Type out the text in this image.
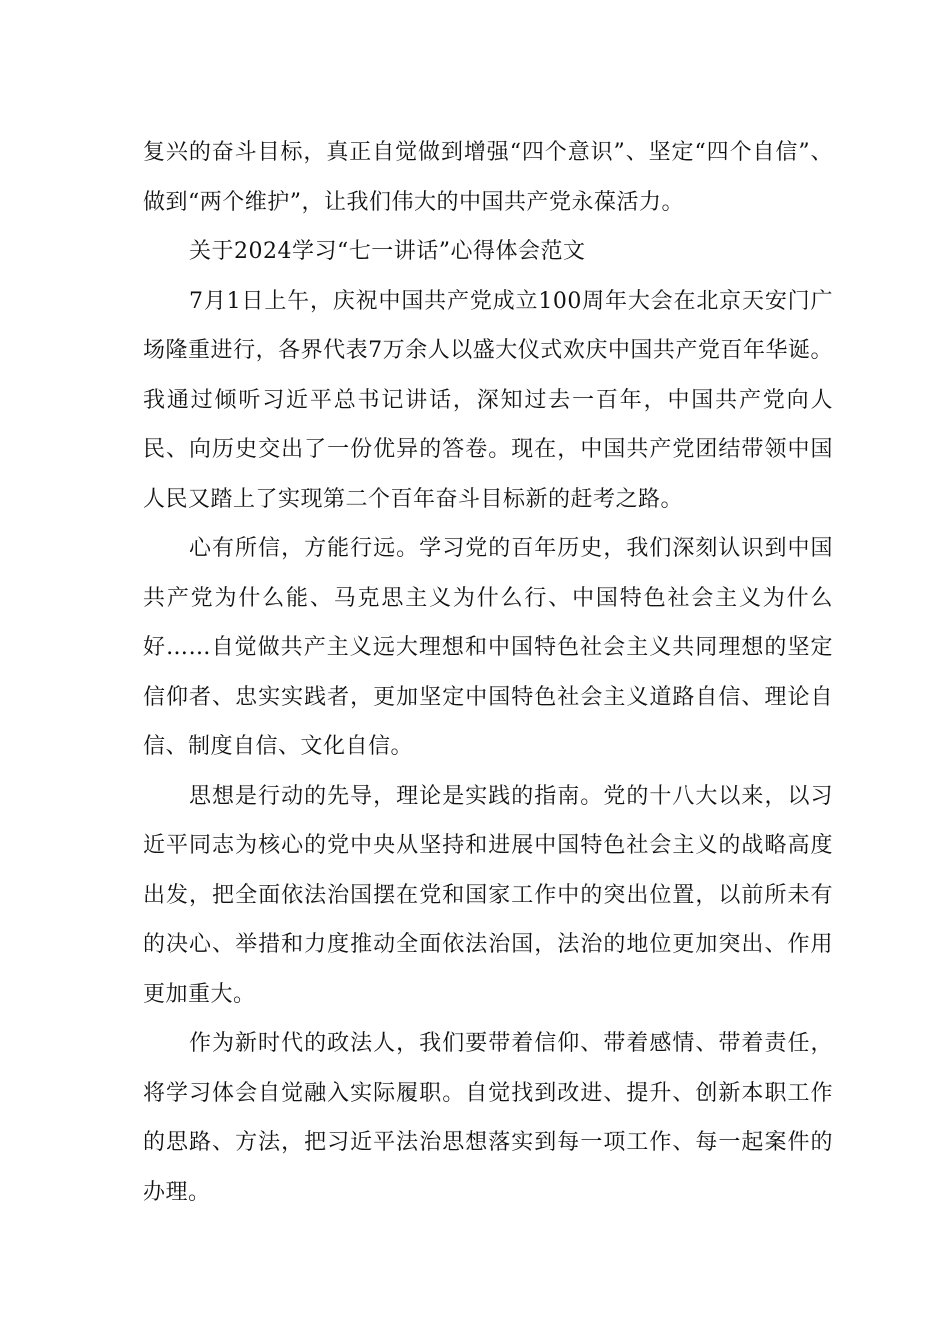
复兴的奋斗目标，真正自觉做到增强“四个意识”、坚定“四个自信”、做到“两个维护”，让我们伟大的中国共产党永葆活力。

关于2024学习“七一讲话”心得体会范文

7月1日上午，庆祝中国共产党成立100周年大会在北京天安门广场隆重进行，各界代表7万余人以盛大仪式欢庆中国共产党百年华诞。我通过倾听习近平总书记讲话，深知过去一百年，中国共产党向人民、向历史交出了一份优异的答卷。现在，中国共产党团结带领中国人民又踏上了实现第二个百年奋斗目标新的赶考之路。

心有所信，方能行远。学习党的百年历史，我们深刻认识到中国共产党为什么能、马克思主义为什么行、中国特色社会主义为什么好……自觉做共产主义远大理想和中国特色社会主义共同理想的坚定信仰者、忠实实践者，更加坚定中国特色社会主义道路自信、理论自信、制度自信、文化自信。

思想是行动的先导，理论是实践的指南。党的十八大以来，以习近平同志为核心的党中央从坚持和进展中国特色社会主义的战略高度出发，把全面依法治国摆在党和国家工作中的突出位置，以前所未有的决心、举措和力度推动全面依法治国，法治的地位更加突出、作用更加重大。

作为新时代的政法人，我们要带着信仰、带着感情、带着责任，将学习体会自觉融入实际履职。自觉找到改进、提升、创新本职工作的思路、方法，把习近平法治思想落实到每一项工作、每一起案件的办理。
